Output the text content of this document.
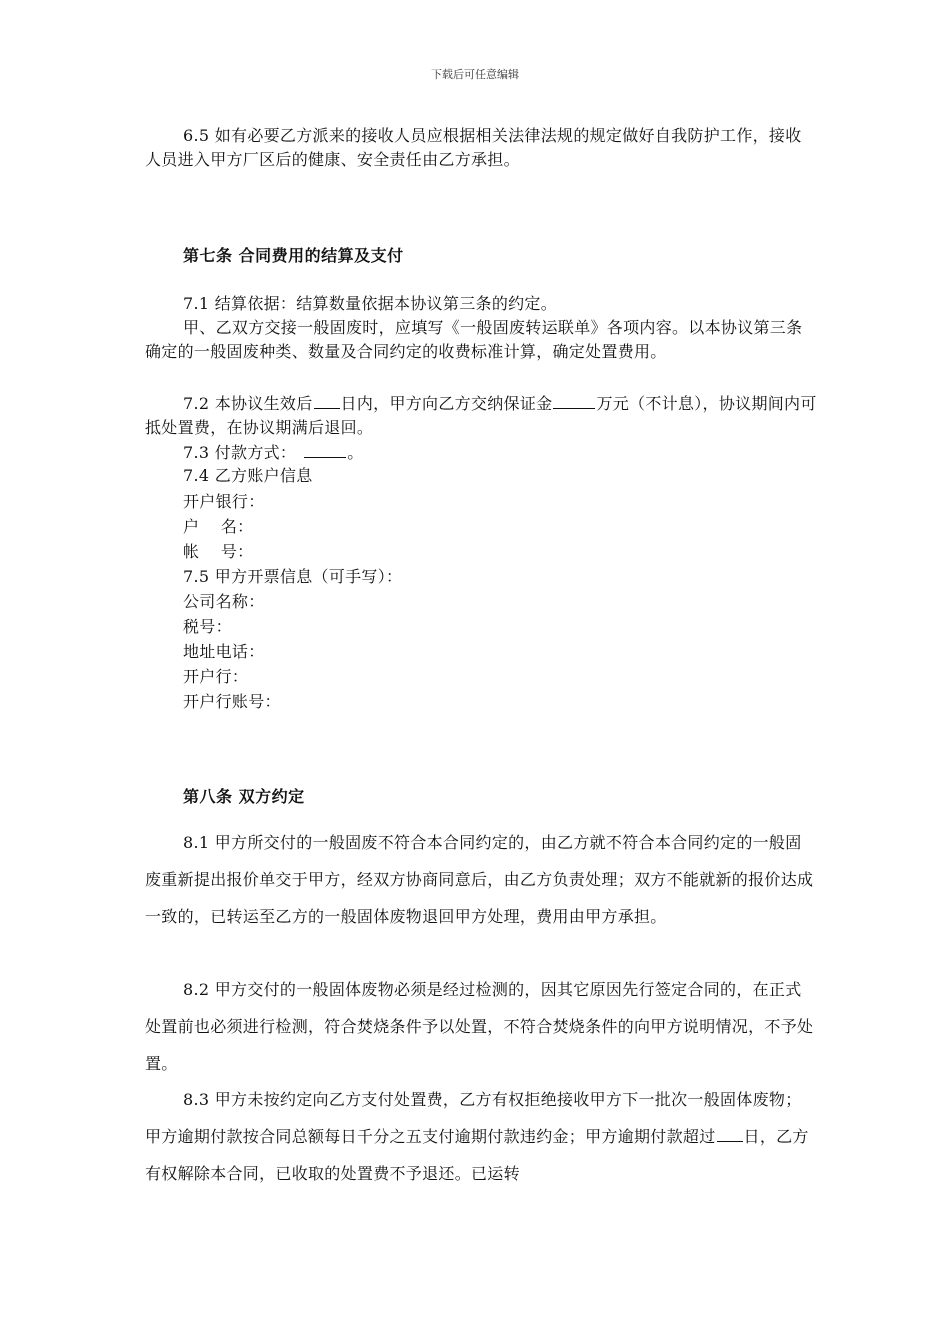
下载后可任意编辑

6.5 如有必要乙方派来的接收人员应根据相关法律法规的规定做好自我防护工作，接收人员进入甲方厂区后的健康、安全责任由乙方承担。

第七条 合同费用的结算及支付

7.1 结算依据：结算数量依据本协议第三条的约定。

甲、乙双方交接一般固废时，应填写《一般固废转运联单》各项内容。以本协议第三条确定的一般固废种类、数量及合同约定的收费标准计算，确定处置费用。

7.2 本协议生效后 日内，甲方向乙方交纳保证金	万元（不计息），协议期间内可抵处置费，在协议期满后退回。

7.3 付款方式：	。

7.4 乙方账户信息

开户银行：

户    名：

帐    号：

7.5 甲方开票信息（可手写）：

公司名称：

税号：

地址电话：

开户行：

开户行账号：

第八条 双方约定

8.1 甲方所交付的一般固废不符合本合同约定的，由乙方就不符合本合同约定的一般固废重新提出报价单交于甲方，经双方协商同意后，由乙方负责处理；双方不能就新的报价达成一致的，已转运至乙方的一般固体废物退回甲方处理，费用由甲方承担。

8.2 甲方交付的一般固体废物必须是经过检测的，因其它原因先行签定合同的，在正式处置前也必须进行检测，符合焚烧条件予以处置，不符合焚烧条件的向甲方说明情况，不予处置。

8.3 甲方未按约定向乙方支付处置费，乙方有权拒绝接收甲方下一批次一般固体废物；甲方逾期付款按合同总额每日千分之五支付逾期付款违约金；甲方逾期付款超过 日，乙方有权解除本合同，已收取的处置费不予退还。已运转
